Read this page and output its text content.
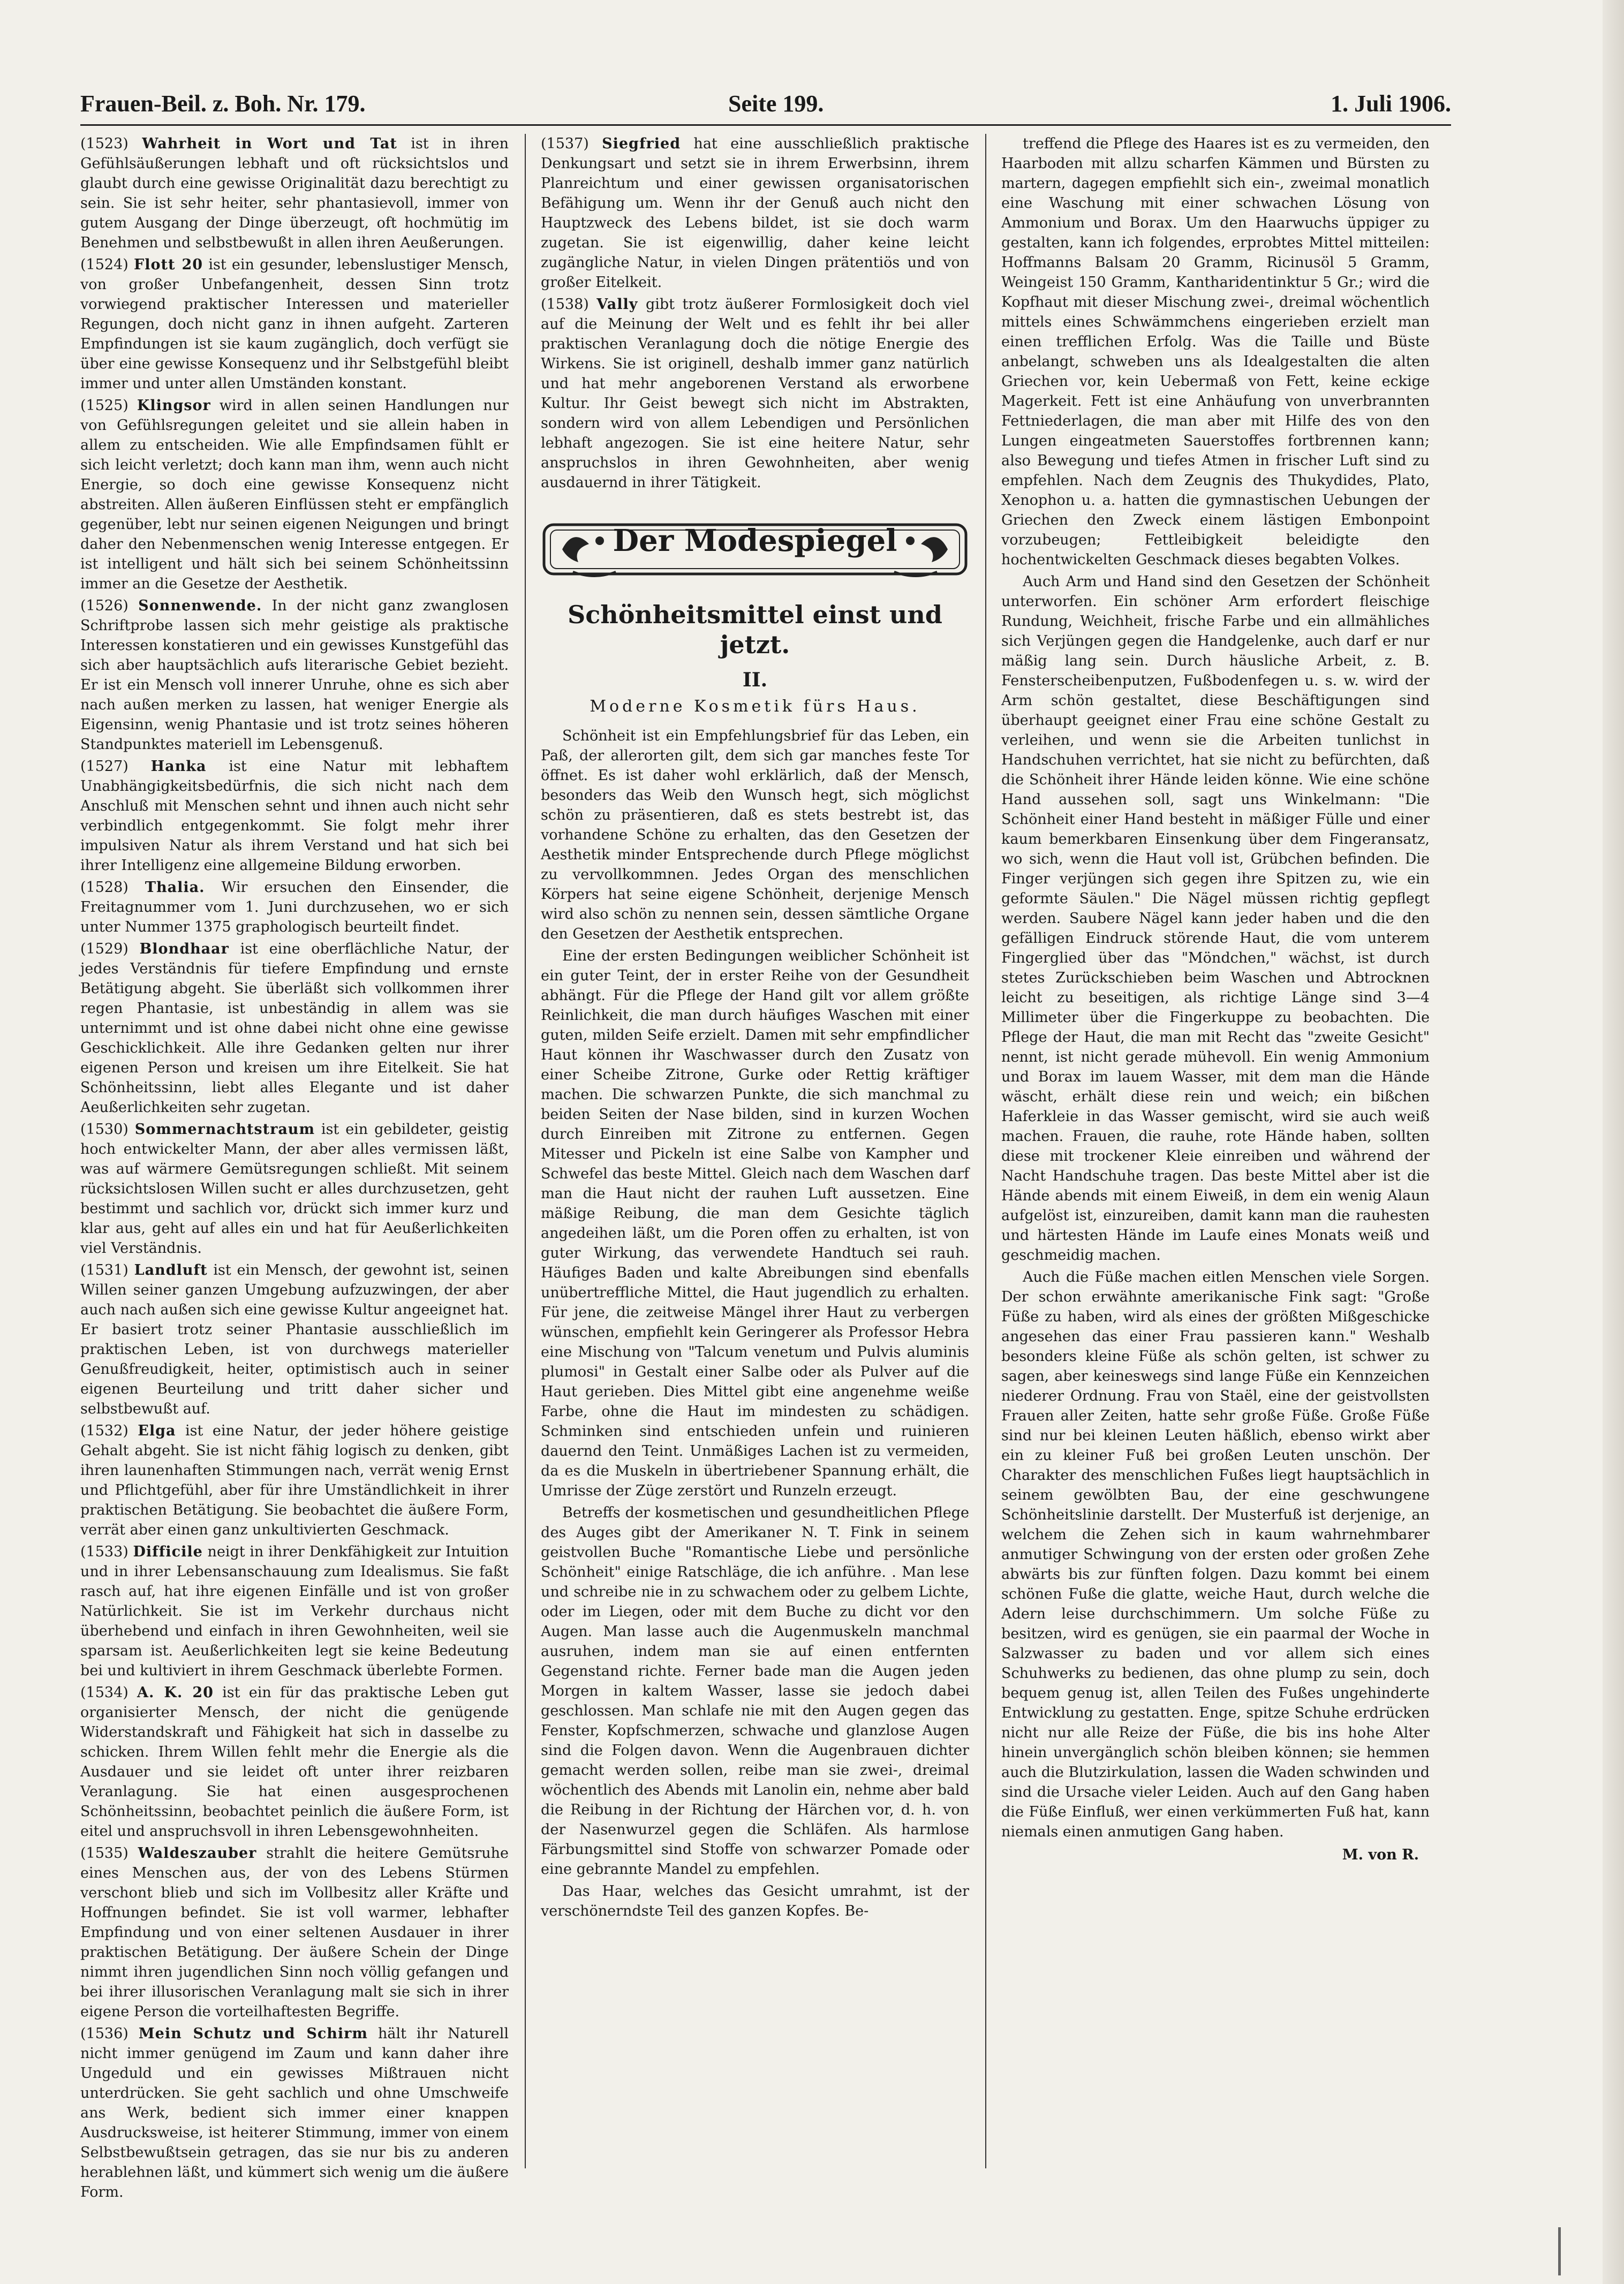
Frauen-Beil. z. Boh. Nr. 179.	Seite 199.	1. Juli 1906.

(1523) Wahrheit in Wort und Tat ist in ihren Gefühlsäußerungen lebhaft und oft rücksichtslos und glaubt durch eine gewisse Originalität dazu berechtigt zu sein. Sie ist sehr heiter, sehr phantasievoll, immer von gutem Ausgang der Dinge überzeugt, oft hochmütig im Benehmen und selbstbewußt in allen ihren Aeußerungen.

(1524) Flott 20 ist ein gesunder, lebenslustiger Mensch, von großer Unbefangenheit, dessen Sinn trotz vorwiegend praktischer Interessen und materieller Regungen, doch nicht ganz in ihnen aufgeht. Zarteren Empfindungen ist sie kaum zugänglich, doch verfügt sie über eine gewisse Konsequenz und ihr Selbstgefühl bleibt immer und unter allen Umständen konstant.

(1525) Klingsor wird in allen seinen Handlungen nur von Gefühlsregungen geleitet und sie allein haben in allem zu entscheiden. Wie alle Empfindsamen fühlt er sich leicht verletzt; doch kann man ihm, wenn auch nicht Energie, so doch eine gewisse Konsequenz nicht abstreiten. Allen äußeren Einflüssen steht er empfänglich gegenüber, lebt nur seinen eigenen Neigungen und bringt daher den Nebenmenschen wenig Interesse entgegen. Er ist intelligent und hält sich bei seinem Schönheitssinn immer an die Gesetze der Aesthetik.

(1526) Sonnenwende. In der nicht ganz zwanglosen Schriftprobe lassen sich mehr geistige als praktische Interessen konstatieren und ein gewisses Kunstgefühl das sich aber hauptsächlich aufs literarische Gebiet bezieht. Er ist ein Mensch voll innerer Unruhe, ohne es sich aber nach außen merken zu lassen, hat weniger Energie als Eigensinn, wenig Phantasie und ist trotz seines höheren Standpunktes materiell im Lebensgenuß.

(1527) Hanka ist eine Natur mit lebhaftem Unabhängigkeitsbedürfnis, die sich nicht nach dem Anschluß mit Menschen sehnt und ihnen auch nicht sehr verbindlich entgegenkommt. Sie folgt mehr ihrer impulsiven Natur als ihrem Verstand und hat sich bei ihrer Intelligenz eine allgemeine Bildung erworben.

(1528) Thalia. Wir ersuchen den Einsender, die Freitagnummer vom 1. Juni durchzusehen, wo er sich unter Nummer 1375 graphologisch beurteilt findet.

(1529) Blondhaar ist eine oberflächliche Natur, der jedes Verständnis für tiefere Empfindung und ernste Betätigung abgeht. Sie überläßt sich vollkommen ihrer regen Phantasie, ist unbeständig in allem was sie unternimmt und ist ohne dabei nicht ohne eine gewisse Geschicklichkeit. Alle ihre Gedanken gelten nur ihrer eigenen Person und kreisen um ihre Eitelkeit. Sie hat Schönheitssinn, liebt alles Elegante und ist daher Aeußerlichkeiten sehr zugetan.

(1530) Sommernachtstraum ist ein gebildeter, geistig hoch entwickelter Mann, der aber alles vermissen läßt, was auf wärmere Gemütsregungen schließt. Mit seinem rücksichtslosen Willen sucht er alles durchzusetzen, geht bestimmt und sachlich vor, drückt sich immer kurz und klar aus, geht auf alles ein und hat für Aeußerlichkeiten viel Verständnis.

(1531) Landluft ist ein Mensch, der gewohnt ist, seinen Willen seiner ganzen Umgebung aufzuzwingen, der aber auch nach außen sich eine gewisse Kultur angeeignet hat. Er basiert trotz seiner Phantasie ausschließlich im praktischen Leben, ist von durchwegs materieller Genußfreudigkeit, heiter, optimistisch auch in seiner eigenen Beurteilung und tritt daher sicher und selbstbewußt auf.

(1532) Elga ist eine Natur, der jeder höhere geistige Gehalt abgeht. Sie ist nicht fähig logisch zu denken, gibt ihren launenhaften Stimmungen nach, verrät wenig Ernst und Pflichtgefühl, aber für ihre Umständlichkeit in ihrer praktischen Betätigung. Sie beobachtet die äußere Form, verrät aber einen ganz unkultivierten Geschmack.

(1533) Difficile neigt in ihrer Denkfähigkeit zur Intuition und in ihrer Lebensanschauung zum Idealismus. Sie faßt rasch auf, hat ihre eigenen Einfälle und ist von großer Natürlichkeit. Sie ist im Verkehr durchaus nicht überhebend und einfach in ihren Gewohnheiten, weil sie sparsam ist. Aeußerlichkeiten legt sie keine Bedeutung bei und kultiviert in ihrem Geschmack überlebte Formen.

(1534) A. K. 20 ist ein für das praktische Leben gut organisierter Mensch, der nicht die genügende Widerstandskraft und Fähigkeit hat sich in dasselbe zu schicken. Ihrem Willen fehlt mehr die Energie als die Ausdauer und sie leidet oft unter ihrer reizbaren Veranlagung. Sie hat einen ausgesprochenen Schönheitssinn, beobachtet peinlich die äußere Form, ist eitel und anspruchsvoll in ihren Lebensgewohnheiten.

(1535) Waldeszauber strahlt die heitere Gemütsruhe eines Menschen aus, der von des Lebens Stürmen verschont blieb und sich im Vollbesitz aller Kräfte und Hoffnungen befindet. Sie ist voll warmer, lebhafter Empfindung und von einer seltenen Ausdauer in ihrer praktischen Betätigung. Der äußere Schein der Dinge nimmt ihren jugendlichen Sinn noch völlig gefangen und bei ihrer illusorischen Veranlagung malt sie sich in ihrer eigene Person die vorteilhaftesten Begriffe.

(1536) Mein Schutz und Schirm hält ihr Naturell nicht immer genügend im Zaum und kann daher ihre Ungeduld und ein gewisses Mißtrauen nicht unterdrücken. Sie geht sachlich und ohne Umschweife ans Werk, bedient sich immer einer knappen Ausdrucksweise, ist heiterer Stimmung, immer von einem Selbstbewußtsein getragen, das sie nur bis zu anderen herablehnen läßt, und kümmert sich wenig um die äußere Form.

(1537) Siegfried hat eine ausschließlich praktische Denkungsart und setzt sie in ihrem Erwerbsinn, ihrem Planreichtum und einer gewissen organisatorischen Befähigung um. Wenn ihr der Genuß auch nicht den Hauptzweck des Lebens bildet, ist sie doch warm zugetan. Sie ist eigenwillig, daher keine leicht zugängliche Natur, in vielen Dingen prätentiös und von großer Eitelkeit.

(1538) Vally gibt trotz äußerer Formlosigkeit doch viel auf die Meinung der Welt und es fehlt ihr bei aller praktischen Veranlagung doch die nötige Energie des Wirkens. Sie ist originell, deshalb immer ganz natürlich und hat mehr angeborenen Verstand als erworbene Kultur. Ihr Geist bewegt sich nicht im Abstrakten, sondern wird von allem Lebendigen und Persönlichen lebhaft angezogen. Sie ist eine heitere Natur, sehr anspruchslos in ihren Gewohnheiten, aber wenig ausdauernd in ihrer Tätigkeit.

Der Modespiegel
Schönheitsmittel einst und jetzt.
II.
Moderne Kosmetik fürs Haus.

Schönheit ist ein Empfehlungsbrief für das Leben, ein Paß, der allerorten gilt, dem sich gar manches feste Tor öffnet. Es ist daher wohl erklärlich, daß der Mensch, besonders das Weib den Wunsch hegt, sich möglichst schön zu präsentieren, daß es stets bestrebt ist, das vorhandene Schöne zu erhalten, das den Gesetzen der Aesthetik minder Entsprechende durch Pflege möglichst zu vervollkommnen. Jedes Organ des menschlichen Körpers hat seine eigene Schönheit, derjenige Mensch wird also schön zu nennen sein, dessen sämtliche Organe den Gesetzen der Aesthetik entsprechen.

Eine der ersten Bedingungen weiblicher Schönheit ist ein guter Teint, der in erster Reihe von der Gesundheit abhängt. Für die Pflege der Hand gilt vor allem größte Reinlichkeit, die man durch häufiges Waschen mit einer guten, milden Seife erzielt. Damen mit sehr empfindlicher Haut können ihr Waschwasser durch den Zusatz von einer Scheibe Zitrone, Gurke oder Rettig kräftiger machen. Die schwarzen Punkte, die sich manchmal zu beiden Seiten der Nase bilden, sind in kurzen Wochen durch Einreiben mit Zitrone zu entfernen. Gegen Mitesser und Pickeln ist eine Salbe von Kampher und Schwefel das beste Mittel. Gleich nach dem Waschen darf man die Haut nicht der rauhen Luft aussetzen. Eine mäßige Reibung, die man dem Gesichte täglich angedeihen läßt, um die Poren offen zu erhalten, ist von guter Wirkung, das verwendete Handtuch sei rauh. Häufiges Baden und kalte Abreibungen sind ebenfalls unübertreffliche Mittel, die Haut jugendlich zu erhalten. Für jene, die zeitweise Mängel ihrer Haut zu verbergen wünschen, empfiehlt kein Geringerer als Professor Hebra eine Mischung von "Talcum venetum und Pulvis aluminis plumosi" in Gestalt einer Salbe oder als Pulver auf die Haut gerieben. Dies Mittel gibt eine angenehme weiße Farbe, ohne die Haut im mindesten zu schädigen. Schminken sind entschieden unfein und ruinieren dauernd den Teint. Unmäßiges Lachen ist zu vermeiden, da es die Muskeln in übertriebener Spannung erhält, die Umrisse der Züge zerstört und Runzeln erzeugt.

Betreffs der kosmetischen und gesundheitlichen Pflege des Auges gibt der Amerikaner N. T. Fink in seinem geistvollen Buche "Romantische Liebe und persönliche Schönheit" einige Ratschläge, die ich anführe. . Man lese und schreibe nie in zu schwachem oder zu gelbem Lichte, oder im Liegen, oder mit dem Buche zu dicht vor den Augen. Man lasse auch die Augenmuskeln manchmal ausruhen, indem man sie auf einen entfernten Gegenstand richte. Ferner bade man die Augen jeden Morgen in kaltem Wasser, lasse sie jedoch dabei geschlossen. Man schlafe nie mit den Augen gegen das Fenster, Kopfschmerzen, schwache und glanzlose Augen sind die Folgen davon. Wenn die Augenbrauen dichter gemacht werden sollen, reibe man sie zwei-, dreimal wöchentlich des Abends mit Lanolin ein, nehme aber bald die Reibung in der Richtung der Härchen vor, d. h. von der Nasenwurzel gegen die Schläfen. Als harmlose Färbungsmittel sind Stoffe von schwarzer Pomade oder eine gebrannte Mandel zu empfehlen.

Das Haar, welches das Gesicht umrahmt, ist der verschönerndste Teil des ganzen Kopfes. Be-

treffend die Pflege des Haares ist es zu vermeiden, den Haarboden mit allzu scharfen Kämmen und Bürsten zu martern, dagegen empfiehlt sich ein-, zweimal monatlich eine Waschung mit einer schwachen Lösung von Ammonium und Borax. Um den Haarwuchs üppiger zu gestalten, kann ich folgendes, erprobtes Mittel mitteilen: Hoffmanns Balsam 20 Gramm, Ricinusöl 5 Gramm, Weingeist 150 Gramm, Kantharidentinktur 5 Gr.; wird die Kopfhaut mit dieser Mischung zwei-, dreimal wöchentlich mittels eines Schwämmchens eingerieben erzielt man einen trefflichen Erfolg. Was die Taille und Büste anbelangt, schweben uns als Idealgestalten die alten Griechen vor, kein Uebermaß von Fett, keine eckige Magerkeit. Fett ist eine Anhäufung von unverbrannten Fettniederlagen, die man aber mit Hilfe des von den Lungen eingeatmeten Sauerstoffes fortbrennen kann; also Bewegung und tiefes Atmen in frischer Luft sind zu empfehlen. Nach dem Zeugnis des Thukydides, Plato, Xenophon u. a. hatten die gymnastischen Uebungen der Griechen den Zweck einem lästigen Embonpoint vorzubeugen; Fettleibigkeit beleidigte den hochentwickelten Geschmack dieses begabten Volkes.

Auch Arm und Hand sind den Gesetzen der Schönheit unterworfen. Ein schöner Arm erfordert fleischige Rundung, Weichheit, frische Farbe und ein allmähliches sich Verjüngen gegen die Handgelenke, auch darf er nur mäßig lang sein. Durch häusliche Arbeit, z. B. Fensterscheibenputzen, Fußbodenfegen u. s. w. wird der Arm schön gestaltet, diese Beschäftigungen sind überhaupt geeignet einer Frau eine schöne Gestalt zu verleihen, und wenn sie die Arbeiten tunlichst in Handschuhen verrichtet, hat sie nicht zu befürchten, daß die Schönheit ihrer Hände leiden könne. Wie eine schöne Hand aussehen soll, sagt uns Winkelmann: "Die Schönheit einer Hand besteht in mäßiger Fülle und einer kaum bemerkbaren Einsenkung über dem Fingeransatz, wo sich, wenn die Haut voll ist, Grübchen befinden. Die Finger verjüngen sich gegen ihre Spitzen zu, wie ein geformte Säulen." Die Nägel müssen richtig gepflegt werden. Saubere Nägel kann jeder haben und die den gefälligen Eindruck störende Haut, die vom unterem Fingerglied über das "Möndchen," wächst, ist durch stetes Zurückschieben beim Waschen und Abtrocknen leicht zu beseitigen, als richtige Länge sind 3—4 Millimeter über die Fingerkuppe zu beobachten. Die Pflege der Haut, die man mit Recht das "zweite Gesicht" nennt, ist nicht gerade mühevoll. Ein wenig Ammonium und Borax im lauem Wasser, mit dem man die Hände wäscht, erhält diese rein und weich; ein bißchen Haferkleie in das Wasser gemischt, wird sie auch weiß machen. Frauen, die rauhe, rote Hände haben, sollten diese mit trockener Kleie einreiben und während der Nacht Handschuhe tragen. Das beste Mittel aber ist die Hände abends mit einem Eiweiß, in dem ein wenig Alaun aufgelöst ist, einzureiben, damit kann man die rauhesten und härtesten Hände im Laufe eines Monats weiß und geschmeidig machen.

Auch die Füße machen eitlen Menschen viele Sorgen. Der schon erwähnte amerikanische Fink sagt: "Große Füße zu haben, wird als eines der größten Mißgeschicke angesehen das einer Frau passieren kann." Weshalb besonders kleine Füße als schön gelten, ist schwer zu sagen, aber keineswegs sind lange Füße ein Kennzeichen niederer Ordnung. Frau von Staël, eine der geistvollsten Frauen aller Zeiten, hatte sehr große Füße. Große Füße sind nur bei kleinen Leuten häßlich, ebenso wirkt aber ein zu kleiner Fuß bei großen Leuten unschön. Der Charakter des menschlichen Fußes liegt hauptsächlich in seinem gewölbten Bau, der eine geschwungene Schönheitslinie darstellt. Der Musterfuß ist derjenige, an welchem die Zehen sich in kaum wahrnehmbarer anmutiger Schwingung von der ersten oder großen Zehe abwärts bis zur fünften folgen. Dazu kommt bei einem schönen Fuße die glatte, weiche Haut, durch welche die Adern leise durchschimmern. Um solche Füße zu besitzen, wird es genügen, sie ein paarmal der Woche in Salzwasser zu baden und vor allem sich eines Schuhwerks zu bedienen, das ohne plump zu sein, doch bequem genug ist, allen Teilen des Fußes ungehinderte Entwicklung zu gestatten. Enge, spitze Schuhe erdrücken nicht nur alle Reize der Füße, die bis ins hohe Alter hinein unvergänglich schön bleiben können; sie hemmen auch die Blutzirkulation, lassen die Waden schwinden und sind die Ursache vieler Leiden. Auch auf den Gang haben die Füße Einfluß, wer einen verkümmerten Fuß hat, kann niemals einen anmutigen Gang haben.

M. von R.
